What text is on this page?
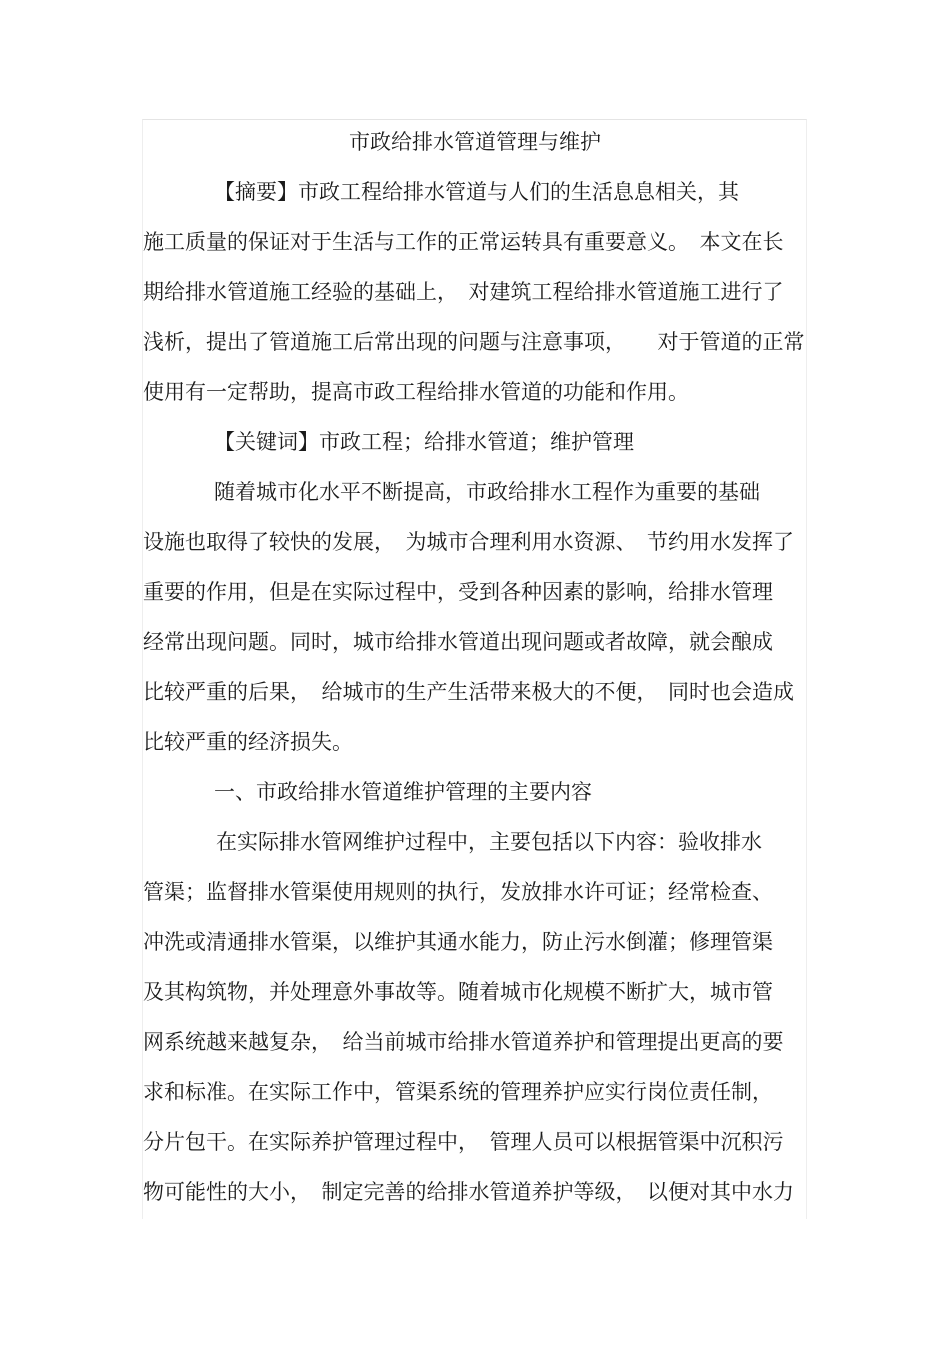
市政给排水管道管理与维护
【摘要】市政工程给排水管道与人们的生活息息相关，其
施工质量的保证对于生活与工作的正常运转具有重要意义。　本文在长
期给排水管道施工经验的基础上，　对建筑工程给排水管道施工进行了
浅析，提出了管道施工后常出现的问题与注意事项，　　对于管道的正常
使用有一定帮助，提高市政工程给排水管道的功能和作用。
【关键词】市政工程；给排水管道；维护管理
随着城市化水平不断提高，市政给排水工程作为重要的基础
设施也取得了较快的发展，　为城市合理利用水资源、　节约用水发挥了
重要的作用，但是在实际过程中，受到各种因素的影响，给排水管理
经常出现问题。同时，城市给排水管道出现问题或者故障，就会酿成
比较严重的后果，　给城市的生产生活带来极大的不便，　同时也会造成
比较严重的经济损失。
一、市政给排水管道维护管理的主要内容
在实际排水管网维护过程中，主要包括以下内容：验收排水
管渠；监督排水管渠使用规则的执行，发放排水许可证；经常检查、
冲洗或清通排水管渠，以维护其通水能力，防止污水倒灌；修理管渠
及其构筑物，并处理意外事故等。随着城市化规模不断扩大，城市管
网系统越来越复杂，　给当前城市给排水管道养护和管理提出更高的要
求和标准。在实际工作中，管渠系统的管理养护应实行岗位责任制，
分片包干。在实际养护管理过程中，　管理人员可以根据管渠中沉积污
物可能性的大小，　制定完善的给排水管道养护等级，　以便对其中水力
